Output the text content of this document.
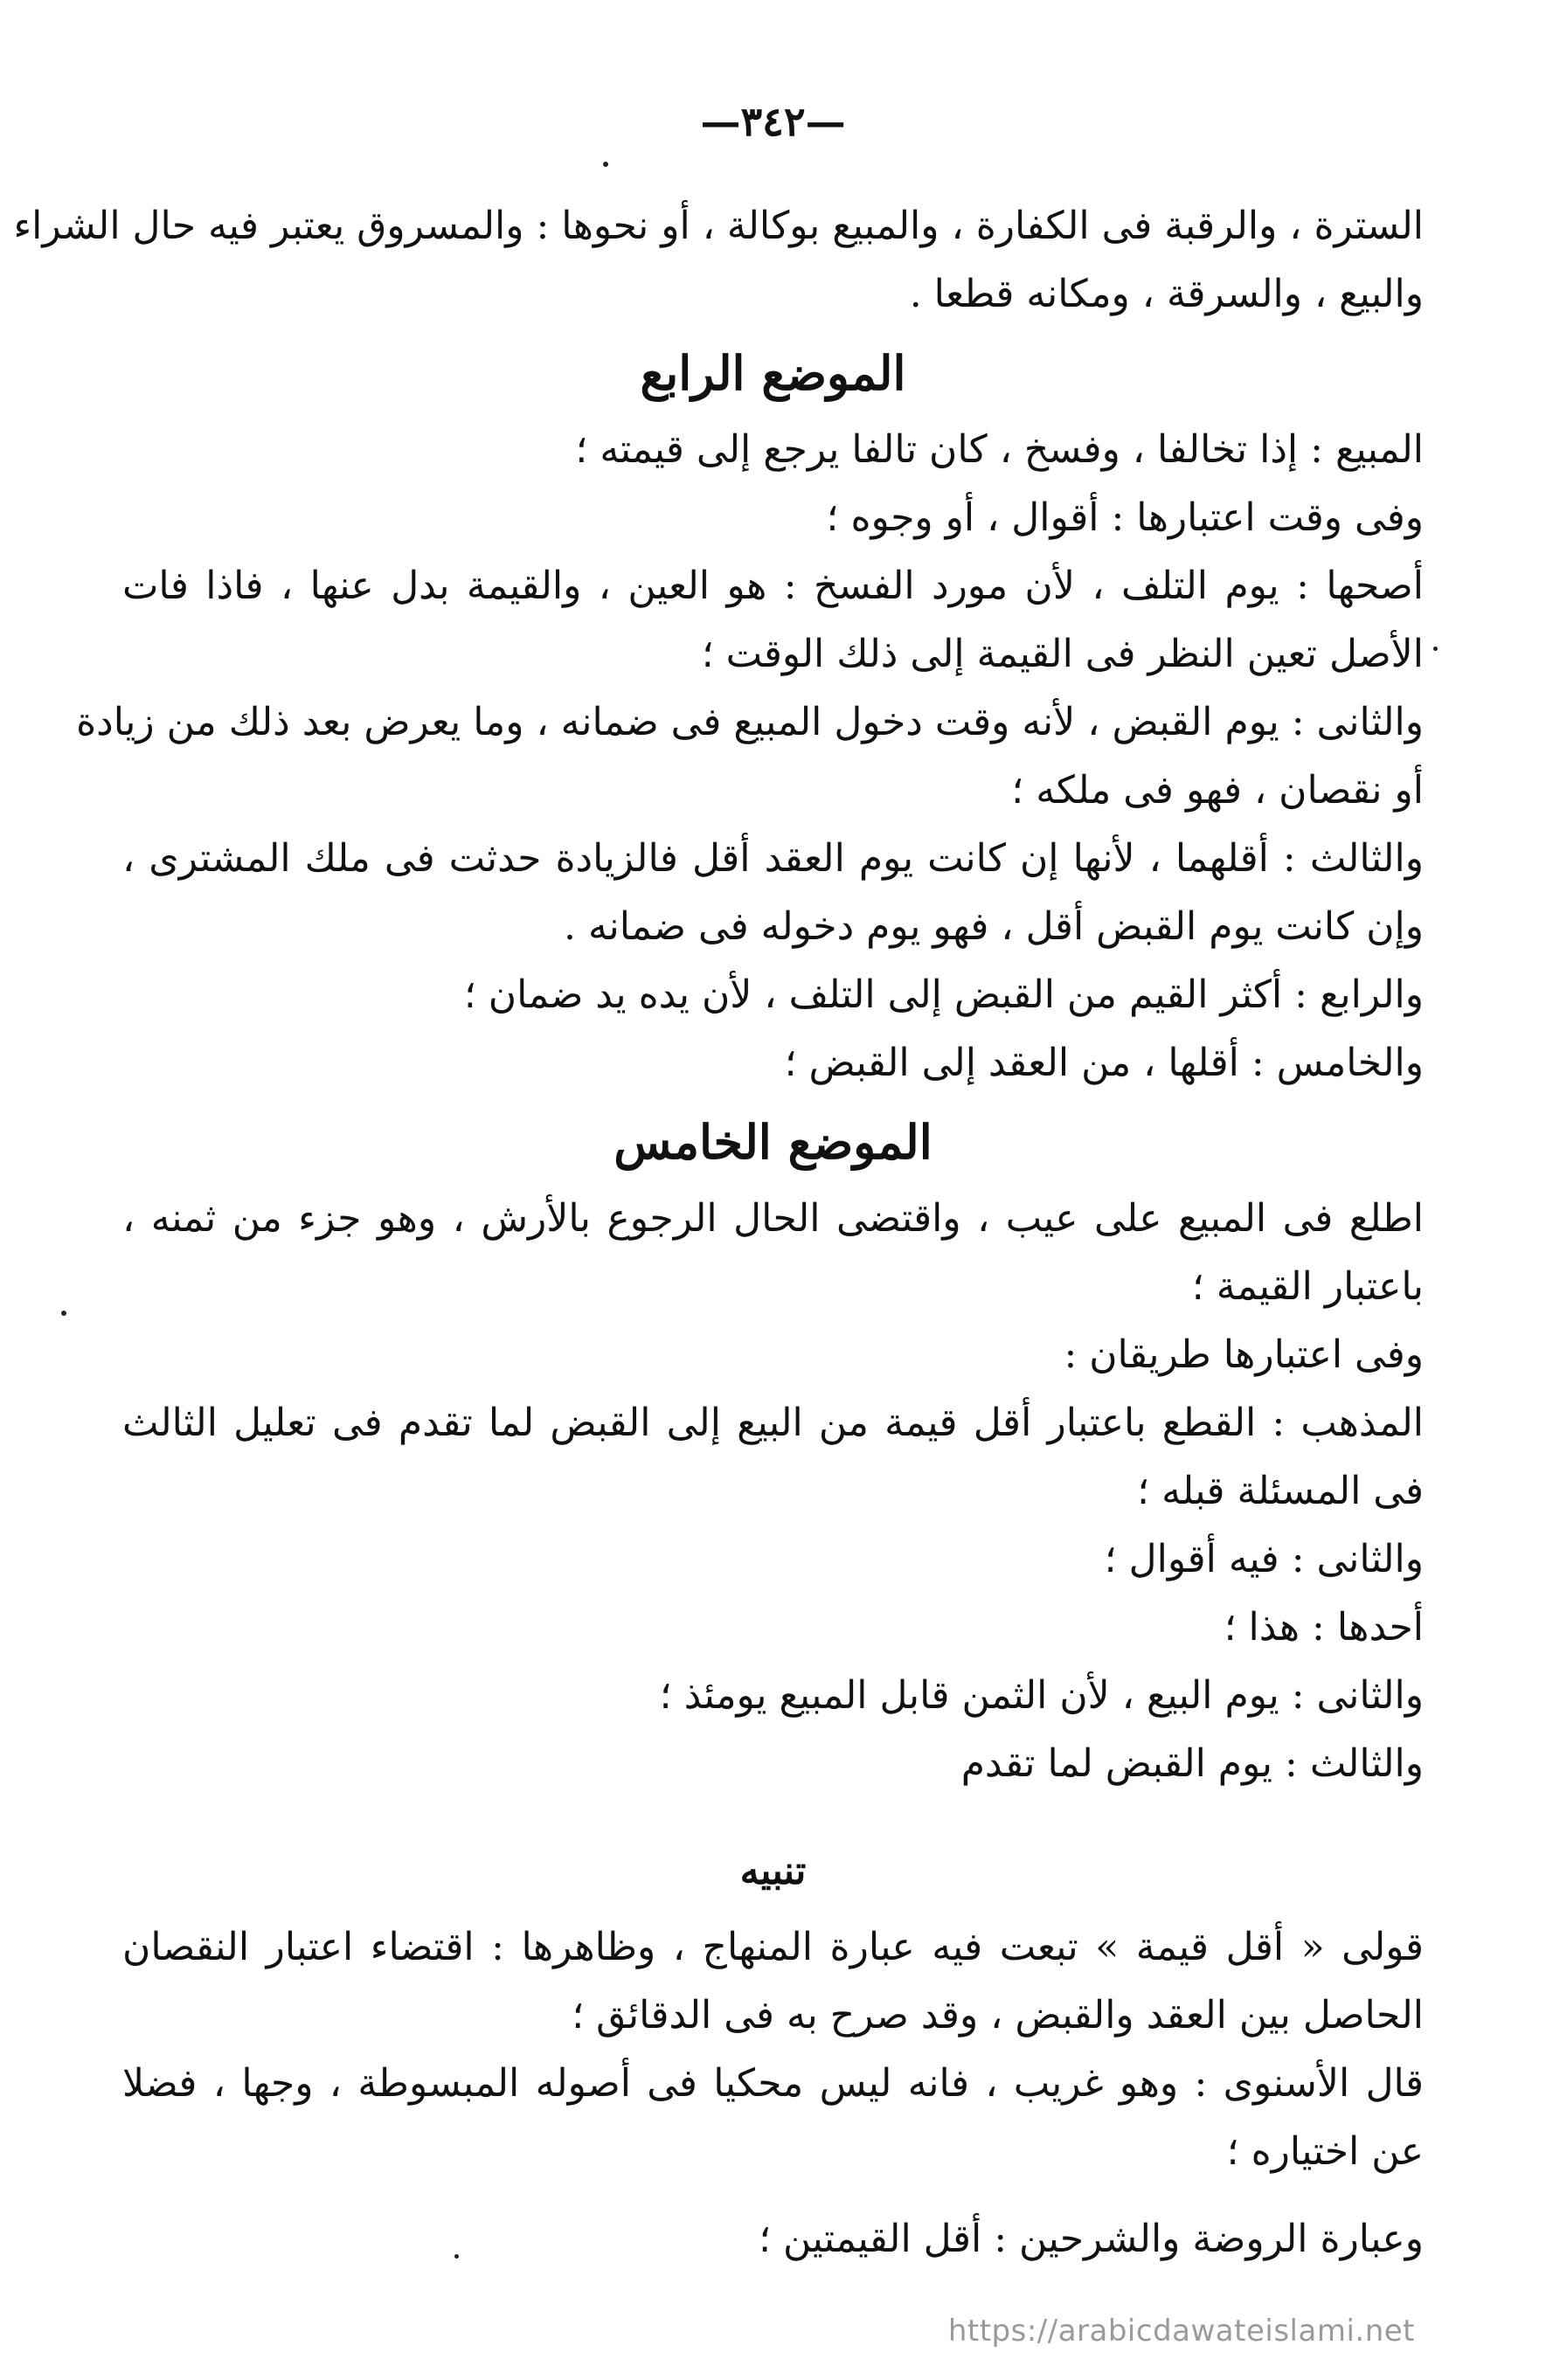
—٣٤٢—

السترة ، والرقبة فى الكفارة ، والمبيع بوكالة ، أو نحوها : والمسروق يعتبر فيه حال الشراء

والبيع ، والسرقة ، ومكانه قطعا .

الموضع الرابع

المبيع : إذا تخالفا ، وفسخ ، كان تالفا يرجع إلى قيمته ؛

وفى وقت اعتبارها : أقوال ، أو وجوه ؛

أصحها : يوم التلف ، لأن مورد الفسخ : هو العين ، والقيمة بدل عنها ، فاذا فات

الأصل تعين النظر فى القيمة إلى ذلك الوقت ؛

والثانى : يوم القبض ، لأنه وقت دخول المبيع فى ضمانه ، وما يعرض بعد ذلك من زيادة

أو نقصان ، فهو فى ملكه ؛

والثالث : أقلهما ، لأنها إن كانت يوم العقد أقل فالزيادة حدثت فى ملك المشترى ،

وإن كانت يوم القبض أقل ، فهو يوم دخوله فى ضمانه .

والرابع : أكثر القيم من القبض إلى التلف ، لأن يده يد ضمان ؛

والخامس : أقلها ، من العقد إلى القبض ؛

الموضع الخامس

اطلع فى المبيع على عيب ، واقتضى الحال الرجوع بالأرش ، وهو جزء من ثمنه ،

باعتبار القيمة ؛

وفى اعتبارها طريقان :

المذهب : القطع باعتبار أقل قيمة من البيع إلى القبض لما تقدم فى تعليل الثالث

فى المسئلة قبله ؛

والثانى : فيه أقوال ؛

أحدها : هذا ؛

والثانى : يوم البيع ، لأن الثمن قابل المبيع يومئذ ؛

والثالث : يوم القبض لما تقدم

تنبيه

قولى « أقل قيمة » تبعت فيه عبارة المنهاج ، وظاهرها : اقتضاء اعتبار النقصان

الحاصل بين العقد والقبض ، وقد صرح به فى الدقائق ؛

قال الأسنوى : وهو غريب ، فانه ليس محكيا فى أصوله المبسوطة ، وجها ، فضلا

عن اختياره ؛

وعبارة الروضة والشرحين : أقل القيمتين ؛

https://arabicdawateislami.net
